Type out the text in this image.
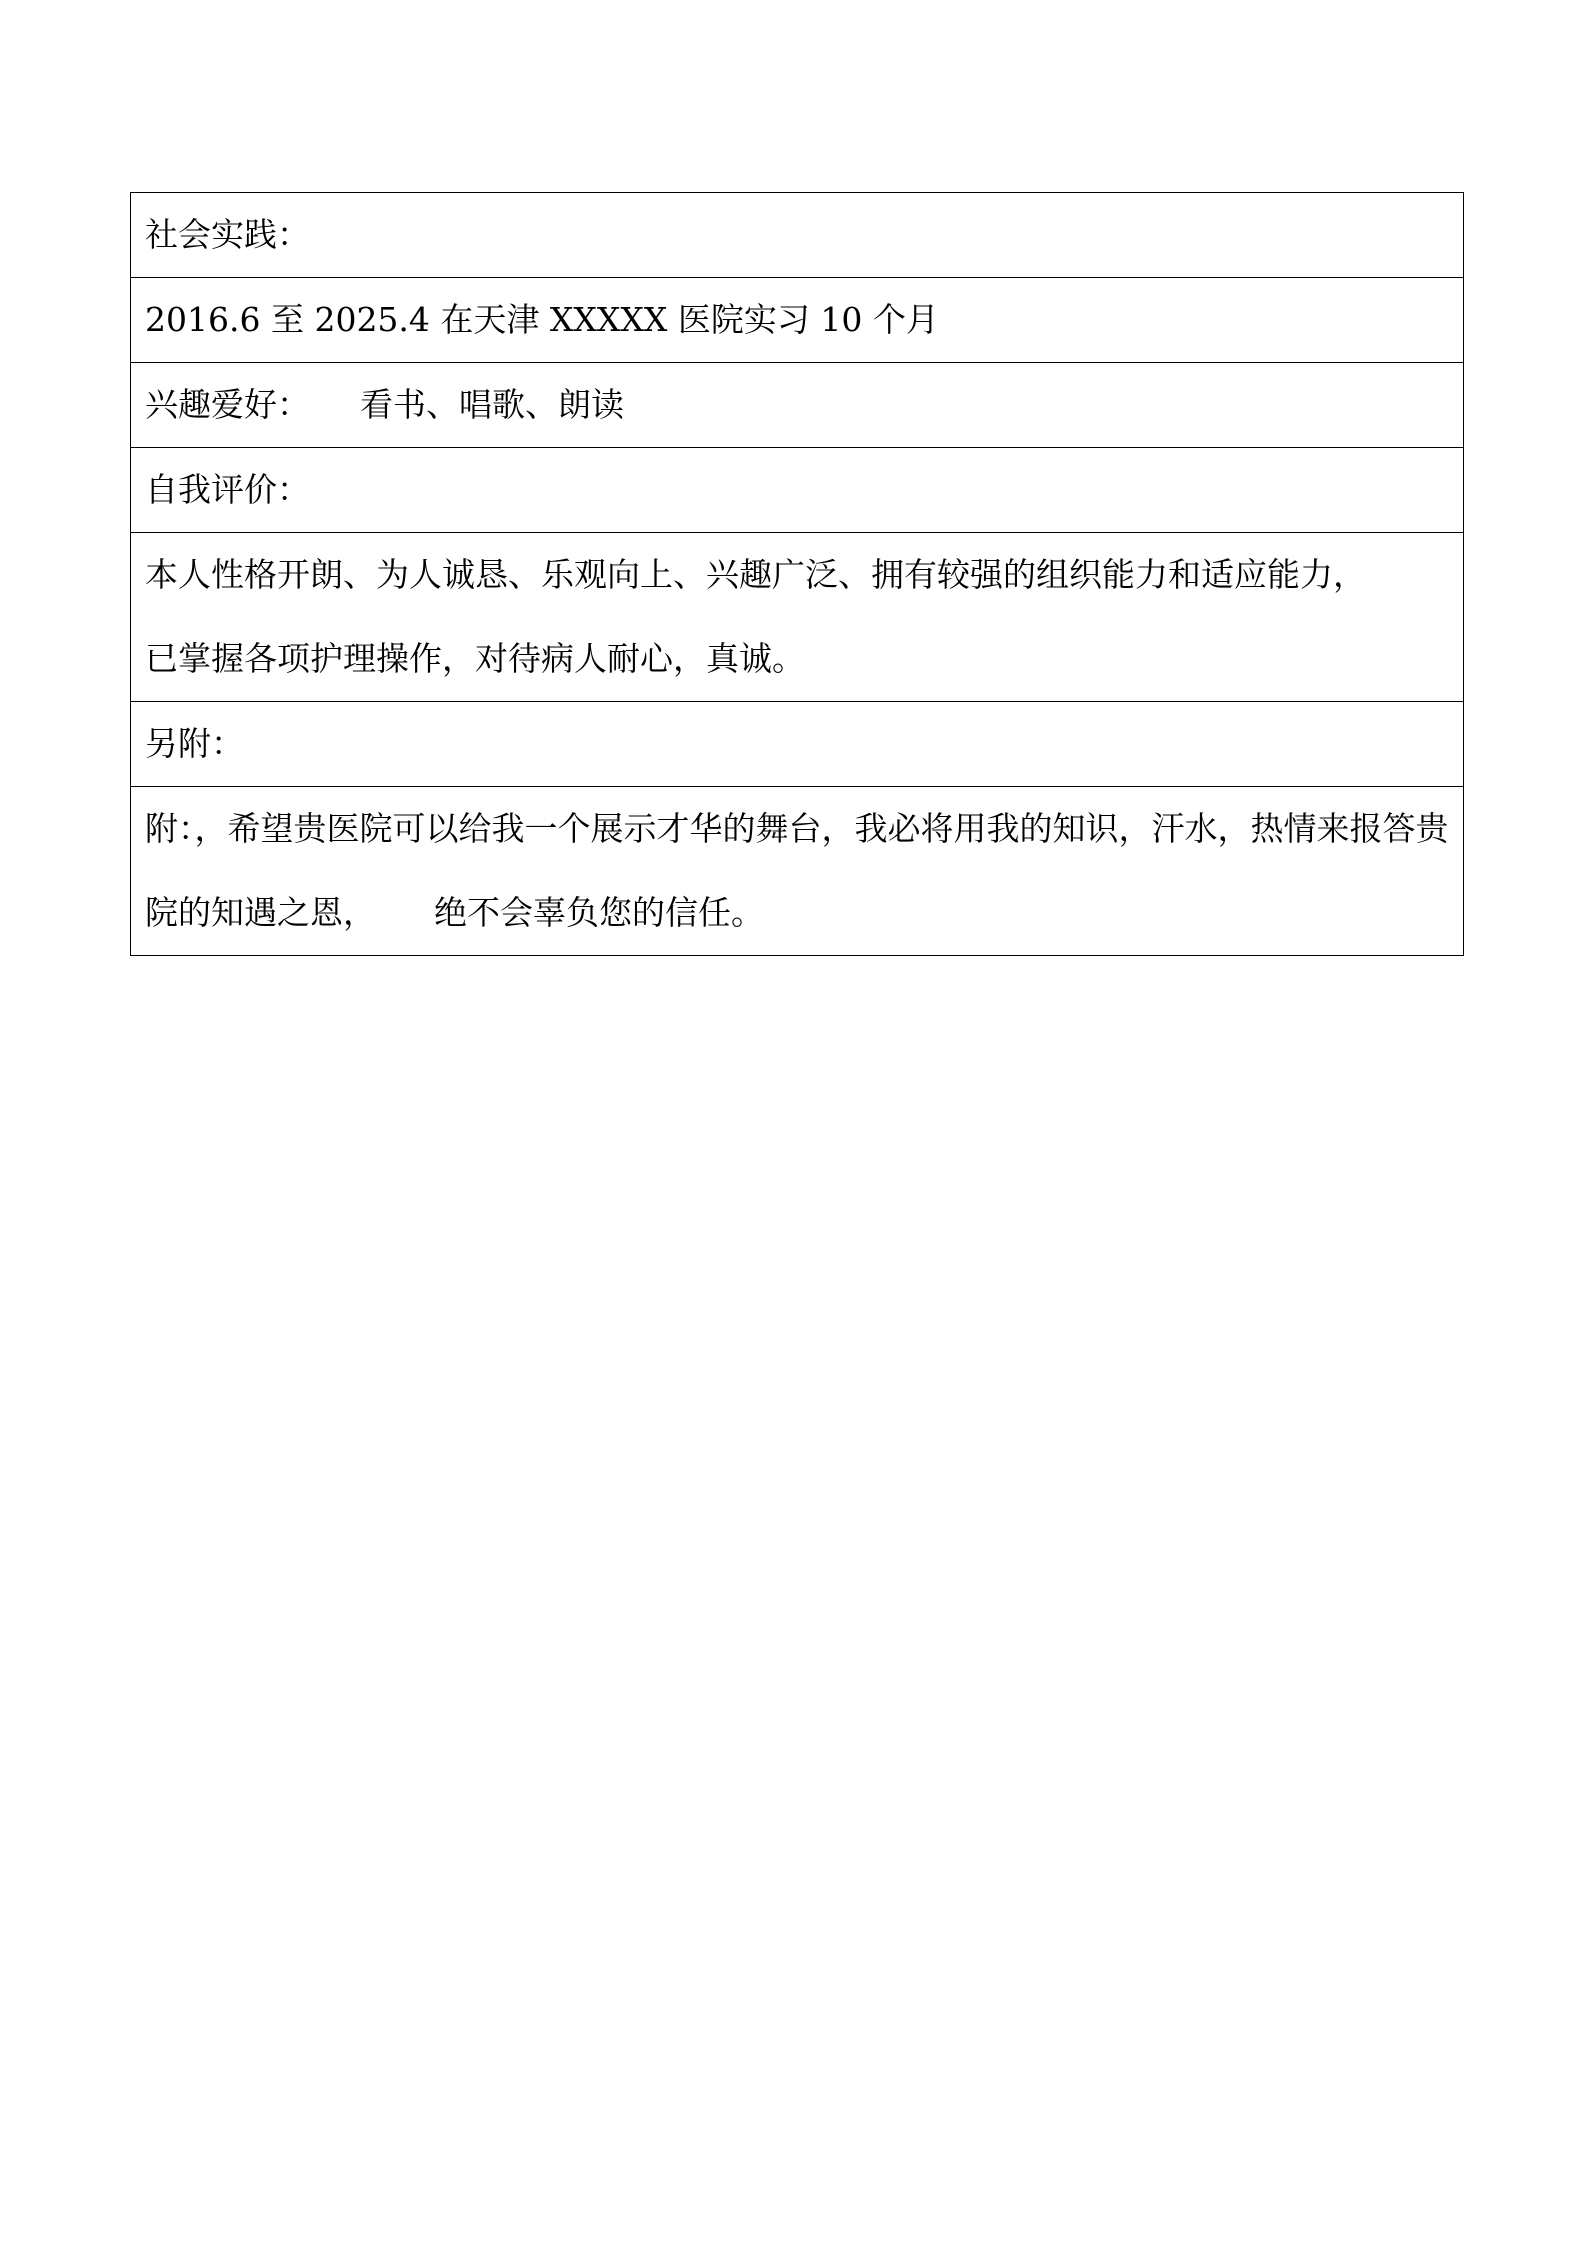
社会实践：
2016.6 至 2025.4 在天津 XXXXX 医院实习 10 个月
兴趣爱好： 看书、唱歌、朗读
自我评价：
本人性格开朗、为人诚恳、乐观向上、兴趣广泛、拥有较强的组织能力和适应能力，已掌握各项护理操作，对待病人耐心，真诚。
另附：
附：，希望贵医院可以给我一个展示才华的舞台，我必将用我的知识，汗水，热情来报答贵院的知遇之恩， 绝不会辜负您的信任。
